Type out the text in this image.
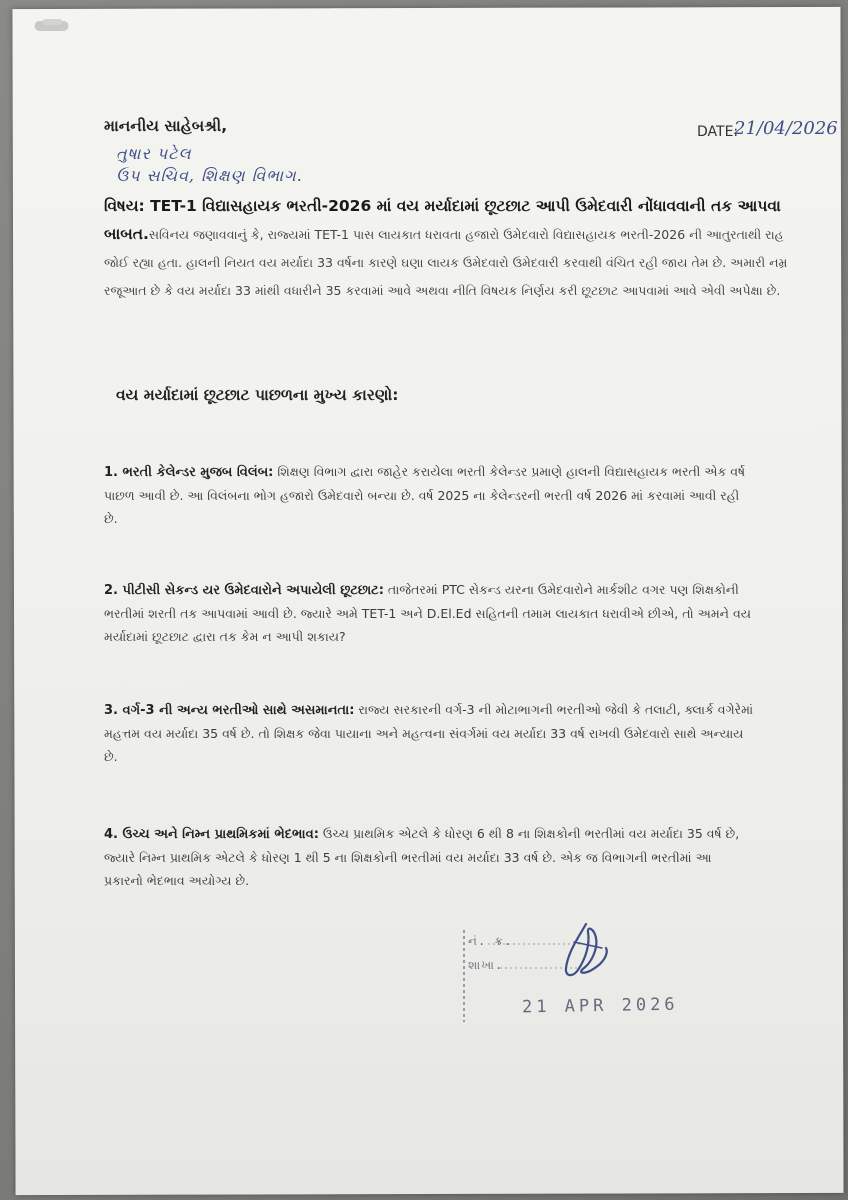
માનનીય સાહેબશ્રી,	DATE:
21/04/2026
તુષાર પટેલ
ઉપ સચિવ, શિક્ષણ વિભાગ.
વિષય: TET-1 વિદ્યાસહાયક ભરતી-2026 માં વય મર્યાદામાં છૂટછાટ આપી ઉમેદવારી નોંધાવવાની તક આપવા બાબત.સવિનય જણાવવાનું કે, રાજ્યમાં TET-1 પાસ લાયકાત ધરાવતા હજારો ઉમેદવારો વિદ્યાસહાયક ભરતી-2026 ની આતુરતાથી રાહ જોઈ રહ્યા હતા. હાલની નિયત વય મર્યાદા 33 વર્ષના કારણે ઘણા લાયક ઉમેદવારો ઉમેદવારી કરવાથી વંચિત રહી જાય તેમ છે. અમારી નમ્ર રજૂઆત છે કે વય મર્યાદા 33 માંથી વધારીને 35 કરવામાં આવે અથવા નીતિ વિષયક નિર્ણય કરી છૂટછાટ આપવામાં આવે એવી અપેક્ષા છે.
વય મર્યાદામાં છૂટછાટ પાછળના મુખ્ય કારણો:
1. ભરતી કેલેન્ડર મુજબ વિલંબ: શિક્ષણ વિભાગ દ્વારા જાહેર કરાયેલા ભરતી કેલેન્ડર પ્રમાણે હાલની વિદ્યાસહાયક ભરતી એક વર્ષ પાછળ આવી છે. આ વિલંબના ભોગ હજારો ઉમેદવારો બન્યા છે. વર્ષ 2025 ના કેલેન્ડરની ભરતી વર્ષ 2026 માં કરવામાં આવી રહી છે.
2. પીટીસી સેકન્ડ યર ઉમેદવારોને અપાયેલી છૂટછાટ: તાજેતરમાં PTC સેકન્ડ યરના ઉમેદવારોને માર્કશીટ વગર પણ શિક્ષકોની ભરતીમાં શરતી તક આપવામાં આવી છે. જ્યારે અમે TET-1 અને D.El.Ed સહિતની તમામ લાયકાત ધરાવીએ છીએ, તો અમને વય મર્યાદામાં છૂટછાટ દ્વારા તક કેમ ન આપી શકાય?
3. વર્ગ-3 ની અન્ય ભરતીઓ સાથે અસમાનતા: રાજ્ય સરકારની વર્ગ-3 ની મોટાભાગની ભરતીઓ જેવી કે તલાટી, ક્લાર્ક વગેરેમાં મહત્તમ વય મર્યાદા 35 વર્ષ છે. તો શિક્ષક જેવા પાયાના અને મહત્વના સંવર્ગમાં વય મર્યાદા 33 વર્ષ રાખવી ઉમેદવારો સાથે અન્યાય છે.
4. ઉચ્ચ અને નિમ્ન પ્રાથમિકમાં ભેદભાવ: ઉચ્ચ પ્રાથમિક એટલે કે ધોરણ 6 થી 8 ના શિક્ષકોની ભરતીમાં વય મર્યાદા 35 વર્ષ છે, જ્યારે નિમ્ન પ્રાથમિક એટલે કે ધોરણ 1 થી 5 ના શિક્ષકોની ભરતીમાં વય મર્યાદા 33 વર્ષ છે. એક જ વિભાગની ભરતીમાં આ પ્રકારનો ભેદભાવ અયોગ્ય છે.
નં. ક્ર.
શાખા.
21 APR 2026
